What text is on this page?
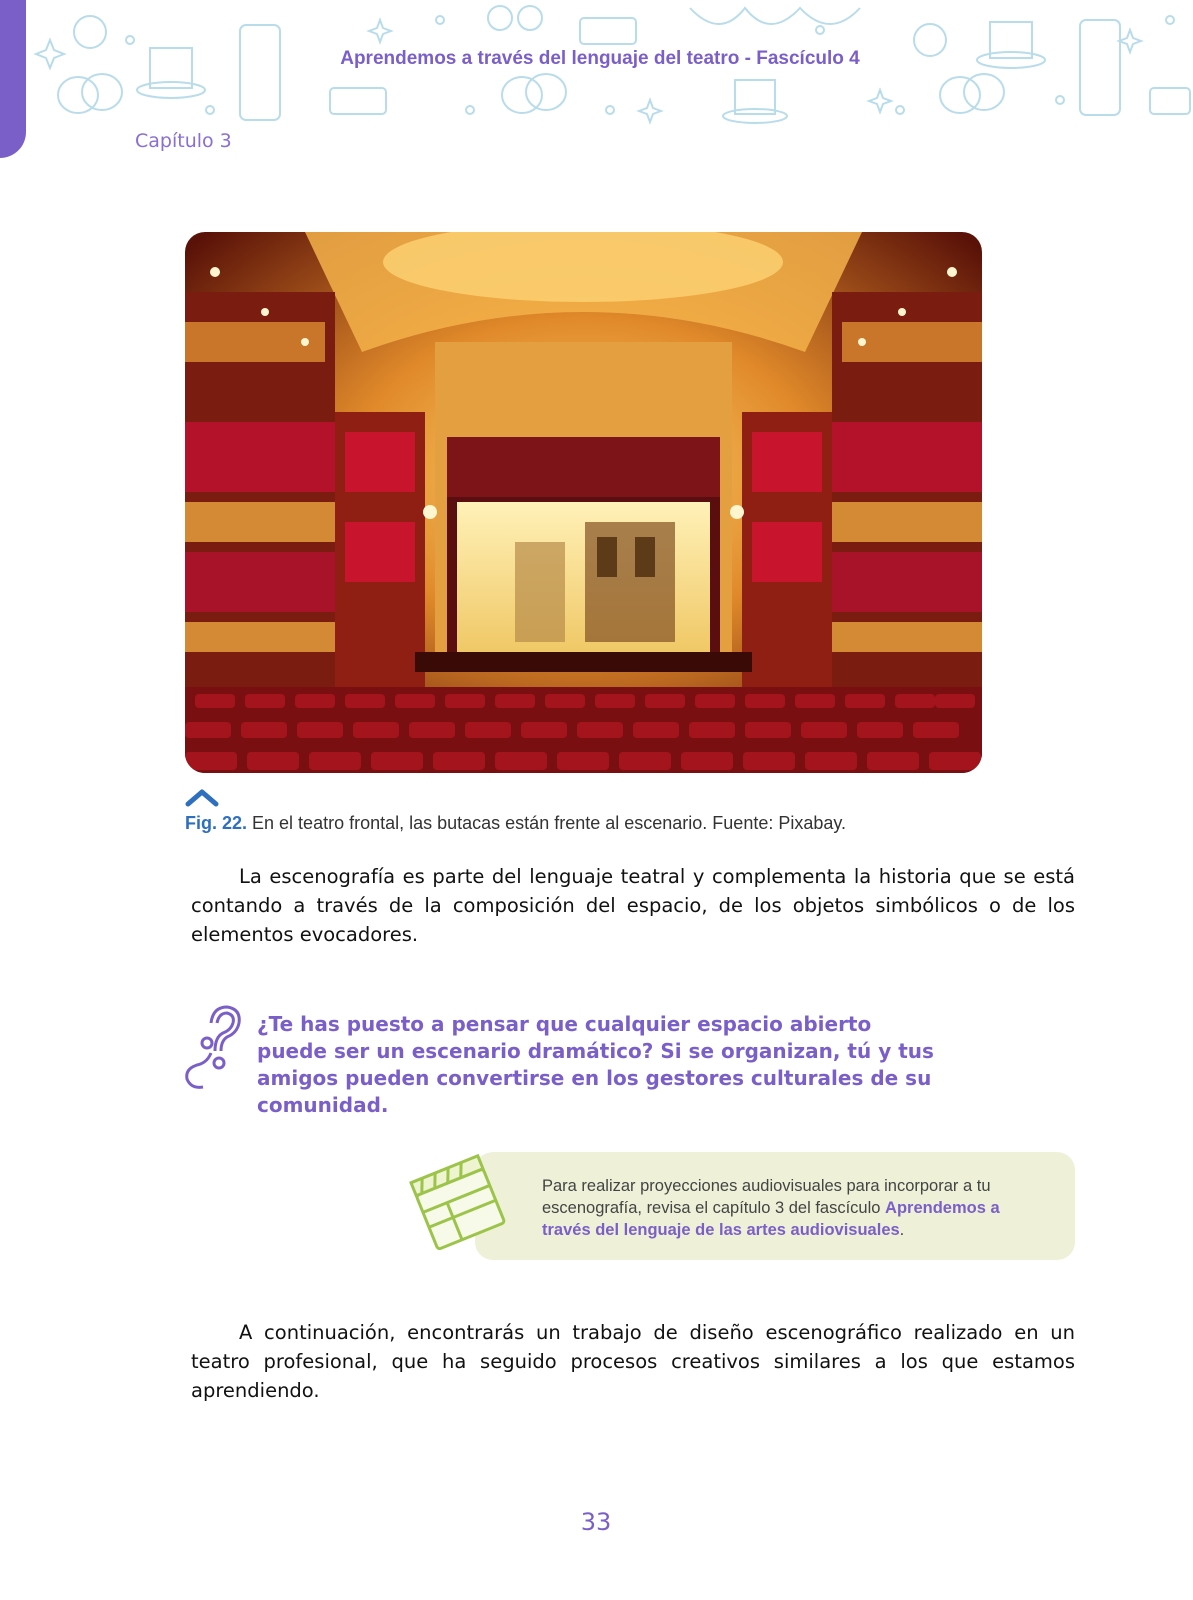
Aprendemos a través del lenguaje del teatro - Fascículo 4
Capítulo 3
Fig. 22. En el teatro frontal, las butacas están frente al escenario. Fuente: Pixabay.

La escenografía es parte del lenguaje teatral y complementa la historia que se está contando a través de la composición del espacio, de los objetos simbólicos o de los elementos evocadores.

¿Te has puesto a pensar que cualquier espacio abierto puede ser un escenario dramático? Si se organizan, tú y tus amigos pueden convertirse en los gestores culturales de su comunidad.

Para realizar proyecciones audiovisuales para incorporar a tu escenografía, revisa el capítulo 3 del fascículo Aprendemos a través del lenguaje de las artes audiovisuales.

A continuación, encontrarás un trabajo de diseño escenográfico realizado en un teatro profesional, que ha seguido procesos creativos similares a los que estamos aprendiendo.

33
